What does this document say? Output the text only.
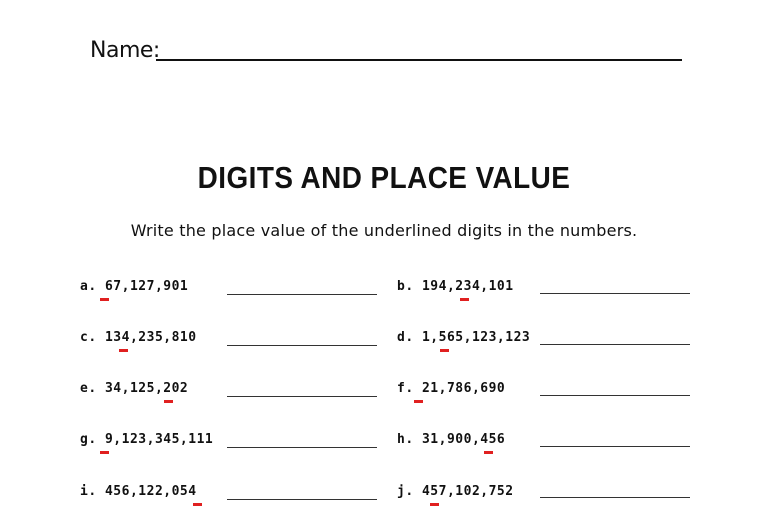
Name:
DIGITS AND PLACE VALUE
Write the place value of the underlined digits in the numbers.
a. 67,127,901	b. 194,234,101
c. 134,235,810	d. 1,565,123,123
e. 34,125,202	f. 21,786,690
g. 9,123,345,111	h. 31,900,456
i. 456,122,054	j. 457,102,752
